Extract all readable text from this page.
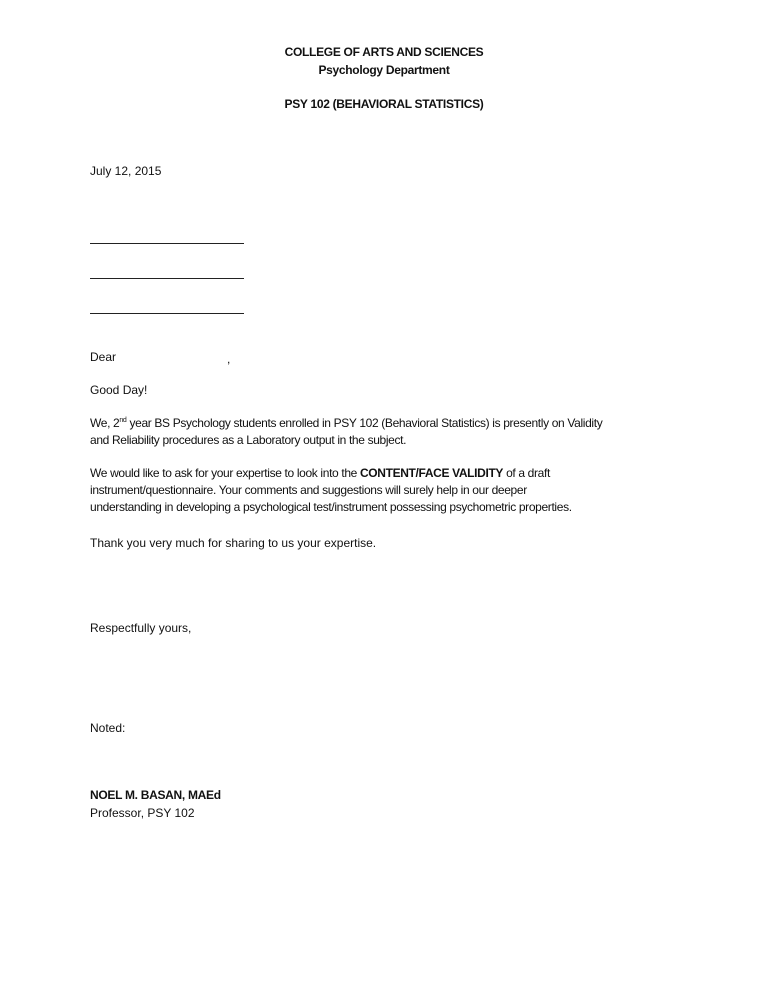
COLLEGE OF ARTS AND SCIENCES
Psychology Department
PSY 102 (BEHAVIORAL STATISTICS)
July 12, 2015
Dear	,
Good Day!
We, 2nd year BS Psychology students enrolled in PSY 102 (Behavioral Statistics) is presently on Validity
and Reliability procedures as a Laboratory output in the subject.
We would like to ask for your expertise to look into the CONTENT/FACE VALIDITY of a draft
instrument/questionnaire. Your comments and suggestions will surely help in our deeper
understanding in developing a psychological test/instrument possessing psychometric properties.
Thank you very much for sharing to us your expertise.
Respectfully yours,
Noted:
NOEL M. BASAN, MAEd
Professor, PSY 102
